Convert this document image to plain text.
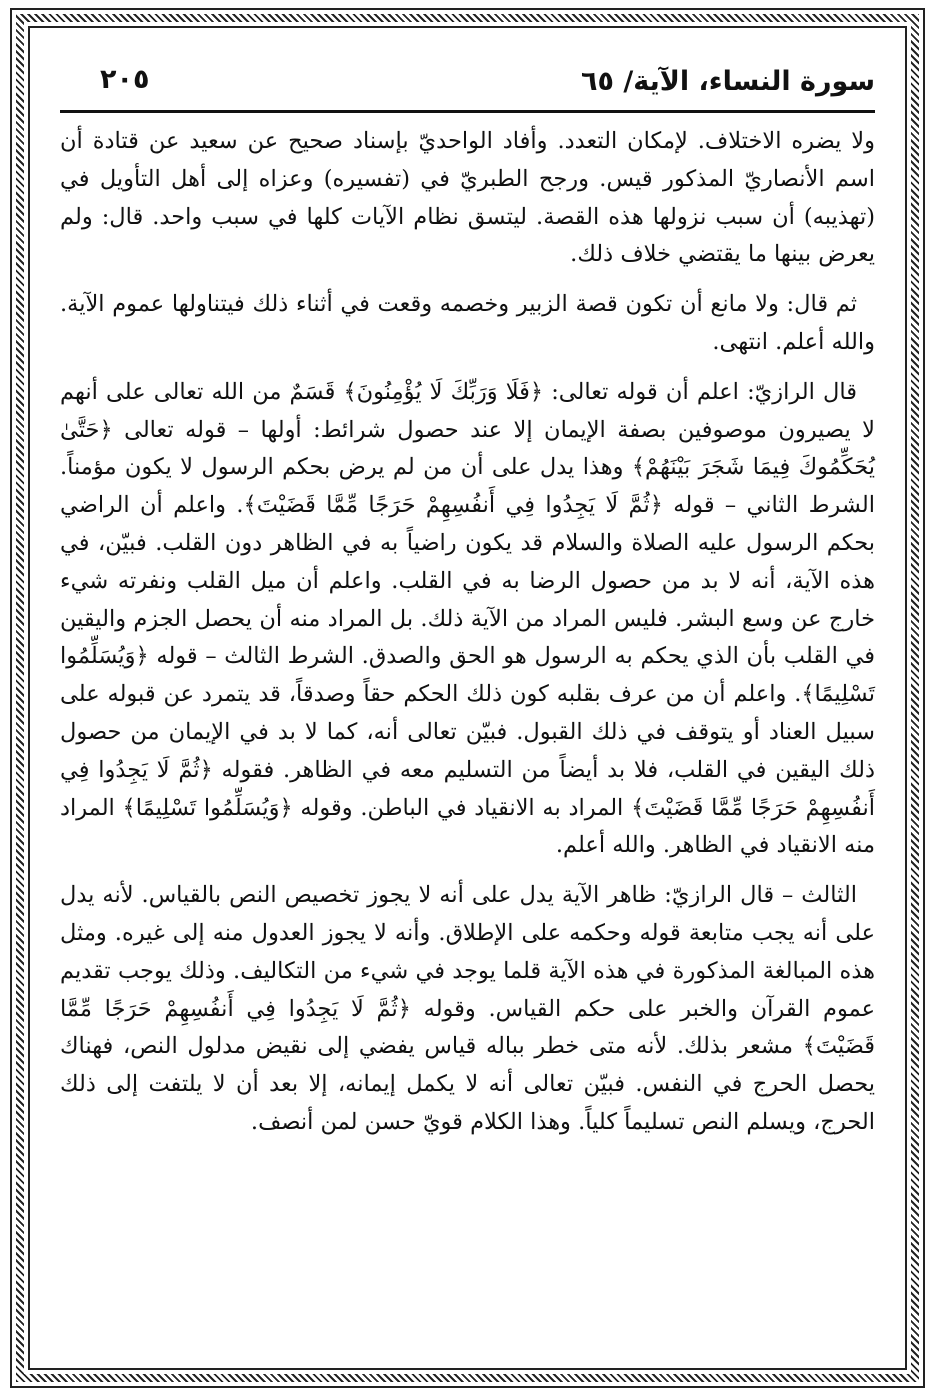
سورة النساء، الآية/ ٦٥
٢٠٥

ولا يضره الاختلاف. لإمكان التعدد. وأفاد الواحديّ بإسناد صحيح عن سعيد عن قتادة أن اسم الأنصاريّ المذكور قيس. ورجح الطبريّ في (تفسيره) وعزاه إلى أهل التأويل في (تهذيبه) أن سبب نزولها هذه القصة. ليتسق نظام الآيات كلها في سبب واحد. قال: ولم يعرض بينها ما يقتضي خلاف ذلك.

ثم قال: ولا مانع أن تكون قصة الزبير وخصمه وقعت في أثناء ذلك فيتناولها عموم الآية. والله أعلم. انتهى.

قال الرازيّ: اعلم أن قوله تعالى: ﴿فَلَا وَرَبِّكَ لَا يُؤْمِنُونَ﴾ قَسَمٌ من الله تعالى على أنهم لا يصيرون موصوفين بصفة الإيمان إلا عند حصول شرائط: أولها – قوله تعالى ﴿حَتَّىٰ يُحَكِّمُوكَ فِيمَا شَجَرَ بَيْنَهُمْ﴾ وهذا يدل على أن من لم يرض بحكم الرسول لا يكون مؤمناً. الشرط الثاني – قوله ﴿ثُمَّ لَا يَجِدُوا فِي أَنفُسِهِمْ حَرَجًا مِّمَّا قَضَيْتَ﴾. واعلم أن الراضي بحكم الرسول عليه الصلاة والسلام قد يكون راضياً به في الظاهر دون القلب. فبيّن، في هذه الآية، أنه لا بد من حصول الرضا به في القلب. واعلم أن ميل القلب ونفرته شيء خارج عن وسع البشر. فليس المراد من الآية ذلك. بل المراد منه أن يحصل الجزم واليقين في القلب بأن الذي يحكم به الرسول هو الحق والصدق. الشرط الثالث – قوله ﴿وَيُسَلِّمُوا تَسْلِيمًا﴾. واعلم أن من عرف بقلبه كون ذلك الحكم حقاً وصدقاً، قد يتمرد عن قبوله على سبيل العناد أو يتوقف في ذلك القبول. فبيّن تعالى أنه، كما لا بد في الإيمان من حصول ذلك اليقين في القلب، فلا بد أيضاً من التسليم معه في الظاهر. فقوله ﴿ثُمَّ لَا يَجِدُوا فِي أَنفُسِهِمْ حَرَجًا مِّمَّا قَضَيْتَ﴾ المراد به الانقياد في الباطن. وقوله ﴿وَيُسَلِّمُوا تَسْلِيمًا﴾ المراد منه الانقياد في الظاهر. والله أعلم.

الثالث – قال الرازيّ: ظاهر الآية يدل على أنه لا يجوز تخصيص النص بالقياس. لأنه يدل على أنه يجب متابعة قوله وحكمه على الإطلاق. وأنه لا يجوز العدول منه إلى غيره. ومثل هذه المبالغة المذكورة في هذه الآية قلما يوجد في شيء من التكاليف. وذلك يوجب تقديم عموم القرآن والخبر على حكم القياس. وقوله ﴿ثُمَّ لَا يَجِدُوا فِي أَنفُسِهِمْ حَرَجًا مِّمَّا قَضَيْتَ﴾ مشعر بذلك. لأنه متى خطر بباله قياس يفضي إلى نقيض مدلول النص، فهناك يحصل الحرج في النفس. فبيّن تعالى أنه لا يكمل إيمانه، إلا بعد أن لا يلتفت إلى ذلك الحرج، ويسلم النص تسليماً كلياً. وهذا الكلام قويّ حسن لمن أنصف.
